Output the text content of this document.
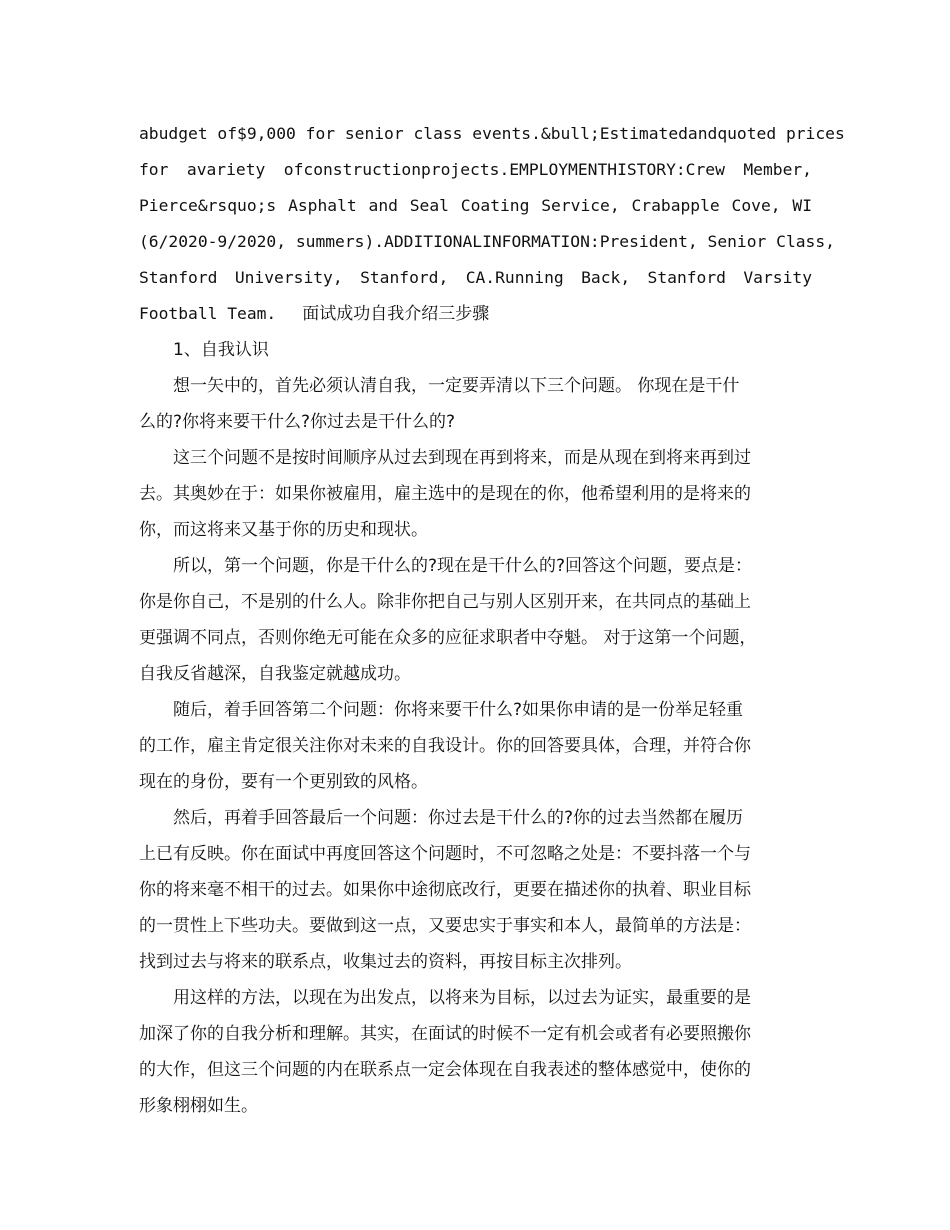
abudget of$9,000 for senior class events.&bull;Estimatedandquoted prices
for avariety ofconstructionprojects.EMPLOYMENTHISTORY:Crew Member,
Pierce&rsquo;s Asphalt and Seal Coating Service, Crabapple Cove, WI
(6/2020-9/2020, summers).ADDITIONALINFORMATION:President, Senior Class,
Stanford University, Stanford, CA.Running Back, Stanford Varsity
Football Team. 面试成功自我介绍三步骤

1、自我认识

想一矢中的，首先必须认清自我，一定要弄清以下三个问题。 你现在是干什
么的?你将来要干什么?你过去是干什么的?

这三个问题不是按时间顺序从过去到现在再到将来，而是从现在到将来再到过
去。其奥妙在于：如果你被雇用，雇主选中的是现在的你，他希望利用的是将来的
你，而这将来又基于你的历史和现状。

所以，第一个问题，你是干什么的?现在是干什么的?回答这个问题，要点是：
你是你自己，不是别的什么人。除非你把自己与别人区别开来，在共同点的基础上
更强调不同点，否则你绝无可能在众多的应征求职者中夺魁。 对于这第一个问题，
自我反省越深，自我鉴定就越成功。

随后，着手回答第二个问题：你将来要干什么?如果你申请的是一份举足轻重
的工作，雇主肯定很关注你对未来的自我设计。你的回答要具体，合理，并符合你
现在的身份，要有一个更别致的风格。

然后，再着手回答最后一个问题：你过去是干什么的?你的过去当然都在履历
上已有反映。你在面试中再度回答这个问题时，不可忽略之处是：不要抖落一个与
你的将来毫不相干的过去。如果你中途彻底改行，更要在描述你的执着、职业目标
的一贯性上下些功夫。要做到这一点，又要忠实于事实和本人，最简单的方法是：
找到过去与将来的联系点，收集过去的资料，再按目标主次排列。

用这样的方法，以现在为出发点，以将来为目标，以过去为证实，最重要的是
加深了你的自我分析和理解。其实，在面试的时候不一定有机会或者有必要照搬你
的大作，但这三个问题的内在联系点一定会体现在自我表述的整体感觉中，使你的
形象栩栩如生。
